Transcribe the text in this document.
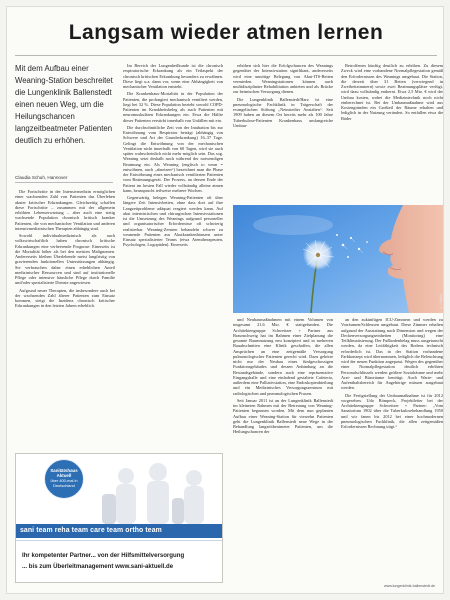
Langsam wieder atmen lernen
Mit dem Aufbau einer Weaning-Station beschreitet die Lungenklinik Ballenstedt einen neuen Weg, um die Heilungschancen langzeitbeatmeter Patienten deutlich zu erhöhen.
Claudia Schuh, Hannover

Die Fortschritte in der Intensivmedizin ermöglichen einer wachsenden Zahl von Patienten das Überleben akuter kritischer Erkrankungen. Gleichzeitig schaffen diese Fortschritte – zusammen mit der allgemein erhöhten Lebenserwartung – aber auch eine stetig wachsende Population chronisch kritisch kranker Patienten, die von mechanischer Ventilation und anderen intensivmedizinischen Therapien abhängig sind.

Sowohl individualmedizinisch als auch volkswirtschaftlich haben chronisch kritische Erkrankungen eine verheerende Prognose: Einerseits ist die Mortalität höher als bei den meisten Malignomen. Andererseits bleiben Überlebende meist langfristig von gravierenden funktionellen Unterstützungen abhängig. Sie verbrauchen daher einen erheblichen Anteil medizinischer Ressourcen und sind auf institutionelle Pflege oder intensive häusliche Pflege durch Familie und/oder spezialisierte Dienste angewiesen.

Aufgrund neuer Therapien, die insbesondere auch bei der wachsenden Zahl älterer Patienten zum Einsatz kommen, steigt die Inzidenz chronisch kritischer Erkrankungen in den letzten Jahren erheblich.

Im Bereich der Lungenheilkunde ist die chronisch respiratorische Erkrankung als ein Teilaspekt der chronisch kritischen Erkrankung besonders zu erwähnen. Diese liegt u.a. dann vor, wenn eine Abhängigkeit von mechanischer Ventilation entsteht.

Die Krankenhaus-Mortalität in der Population der Patienten, die prolongiert mechanisch ventiliert werden, liegt bei 32 %. Diese Population bezieht sowohl COPD-Patienten im Krankheitsbeleg als auch Patienten mit neuromuskulären Erkrankungen ein. Etwa die Hälfte dieser Patienten verstirbt innerhalb von Unfällen mit ein.

Die durchschnittliche Zeit von der Intubation bis zur Entwöhnung vom Respirator beträgt (abhängig von Schwere und Art der Grunderkrankung) 16–37 Tage. Gelingt die Entwöhnung von der mechanischen Ventilation nicht innerhalb von 60 Tagen, wird sie auch später wahrscheinlich nicht mehr möglich sein. Das sog. Weaning setzt deshalb noch während der notwendigen Beatmung ein. Als Weaning (englisch to wean = entwöhnen, auch „absetzen“) bezeichnet man die Phase der Entwöhnung eines mechanisch ventilierten Patienten vom Beatmungsgerät. Der Prozess, an dessen Ende der Patient im besten Fall wieder vollständig alleine atmen kann, beansprucht teilweise mehrere Wochen.

Gegenwärtig belegen Weaning-Patienten oft über längere Zeit Intensivbetten, ohne dass dort auf ihre Langzeitprobleme adäquat reagiert werden kann. Auf akut internistischen und chirurgischen Intensivstationen ist die Umsetzung des Weanings aufgrund personeller und organisatorischer Erfordernisse oft schwierig realisierbar. Weaning-Zentren behandeln schwer zu weanende Patienten aus Akutkrankenhäusern unter Einsatz spezialisierter Teams (etwa Atemtherapeuten, Psychologen, Logopäden). Einerseits

erhöhen sich hier die Erfolgschancen des Weanings gegenüber der Intensivstation signifikant, andererseits wird eine unnötige Belegung von Akut-ITS-Betten vermieden. Weaningstationen können auch multidisziplinäre Rehabilitation anbieten und als Brücke zur heimischen Versorgung dienen.

Die Lungenklinik Ballenstedt/Harz ist eine pneumologische Fachklinik in Trägerschaft der evangelischen Stiftung „Neinstedter Anstalten“. Seit 1909 haben an diesem Ort bereits mehr als 100 Jahre Tuberkulose-Patienten Krankenhaus umfangreiche Umbau-

Betroffenen künftig deutlich zu erhöhen. Zu diesem Zweck wird eine vorhandene Normalpflegestation gemäß den Erfordernissen des Weanings umgebaut. Die Station, die derzeit über 31 Betten (verwiegend in Zweibettzimmern) sowie zwei Beatmungsplätze verfügt, wird dazu vollständig entkernt. Etwa 2,5 Mio. € wird der Umbau kosten, wobei die Medizintechnik noch nicht einberechnet ist. Bei der Umbaumaßnahme wird aus Kostengründen ein Großteil der Räume erhalten und lediglich in der Nutzung verändert. So entfallen etwa die Bäder

© Fotolia

und Neubaumaßnahmen mit einem Volumen von insgesamt 21,6 Mio. € stattgefunden. Die Architektengruppe Schweitzer + Partner aus Braunschweig hat im Rahmen einer Zielplanung die gesamte Raumnutzung neu konzipiert und in mehreren Bauabschnitten eine Klinik geschaffen, die allen Ansprüchen an eine zeitgemäße Versorgung pulmonologischer Patienten gerecht wird. Dazu gehörte nicht nur der Neubau eines fünfgeschossigen Funktionsgebäudes und dessen Anbindung an die Bestandsgebäude, sondern auch eine repräsentative Eingangshalle und eine einladend gestaltete Cafeteria, außerdem eine Palliativstation, eine Endoskopieabteilung und ein Medizinisches Versorgungszentrum mit radiologischen und pneumologischen Praxen.

Seit Januar 2011 ist an der Lungenklinik Ballenstedt im kleineren Rahmen mit der Betreuung von Weaning-Patienten begonnen worden. Mit dem nun geplanten Aufbau einer Weaning-Station für vierzehn Patienten geht die Lungenklinik Ballenstedt neue Wege in der Behandlung langzeitbeatmeter Patienten, um die Heilungschancen der

an den zukünftigen ICU-Zimmern und werden zu Vorräumen/Schleusen umgebaut. Diese Zimmer erhalten aufgrund der Ausstattung nach Dimension und wegen der Deckenversorgungseinheiten (Monitoring) eine Teilklimatisierung. Der Fußbodenbelag muss ausgetauscht werden, da eine Leitfähigkeit des Bodens technisch erforderlich ist. Das in der Station vorhandene Farbkonzept wird übernommen, lediglich die Beleuchtung wird der neuen Funktion angepasst. Wegen des gegenüber einer Normalpflegestation deutlich erhöhten Personalschlüssels werden größere Sozialräume und mehr Arzt- und Büroräume benötigt. Auch Warte- und Aufenthaltsbereich für Angehörige müssen ausgebaut werden.

Die Fertigstellung der Umbaumaßnahme ist für 2012 vorgesehen. Udo Römpeck, Projektleiter bei der Architektengruppe Schweitzer + Partner: „Vom Sanatorium 1902 über die Tuberkulosebehandlung 1950 und wir fanen bis 2012 bei einer hochmodernen pneumologischen Fachklinik, die allen zeitgemäßen Erfordernissen Rechnung trägt.“

www.lungenklinik-ballenstedt.de
Sanitätshaus Aktuell
über 400-mal in Deutschland
sani team reha team care team ortho team
Ihr kompetenter Partner... von der Hilfsmittelversorgung
... bis zum Überleitmanagement www.sani-aktuell.de
